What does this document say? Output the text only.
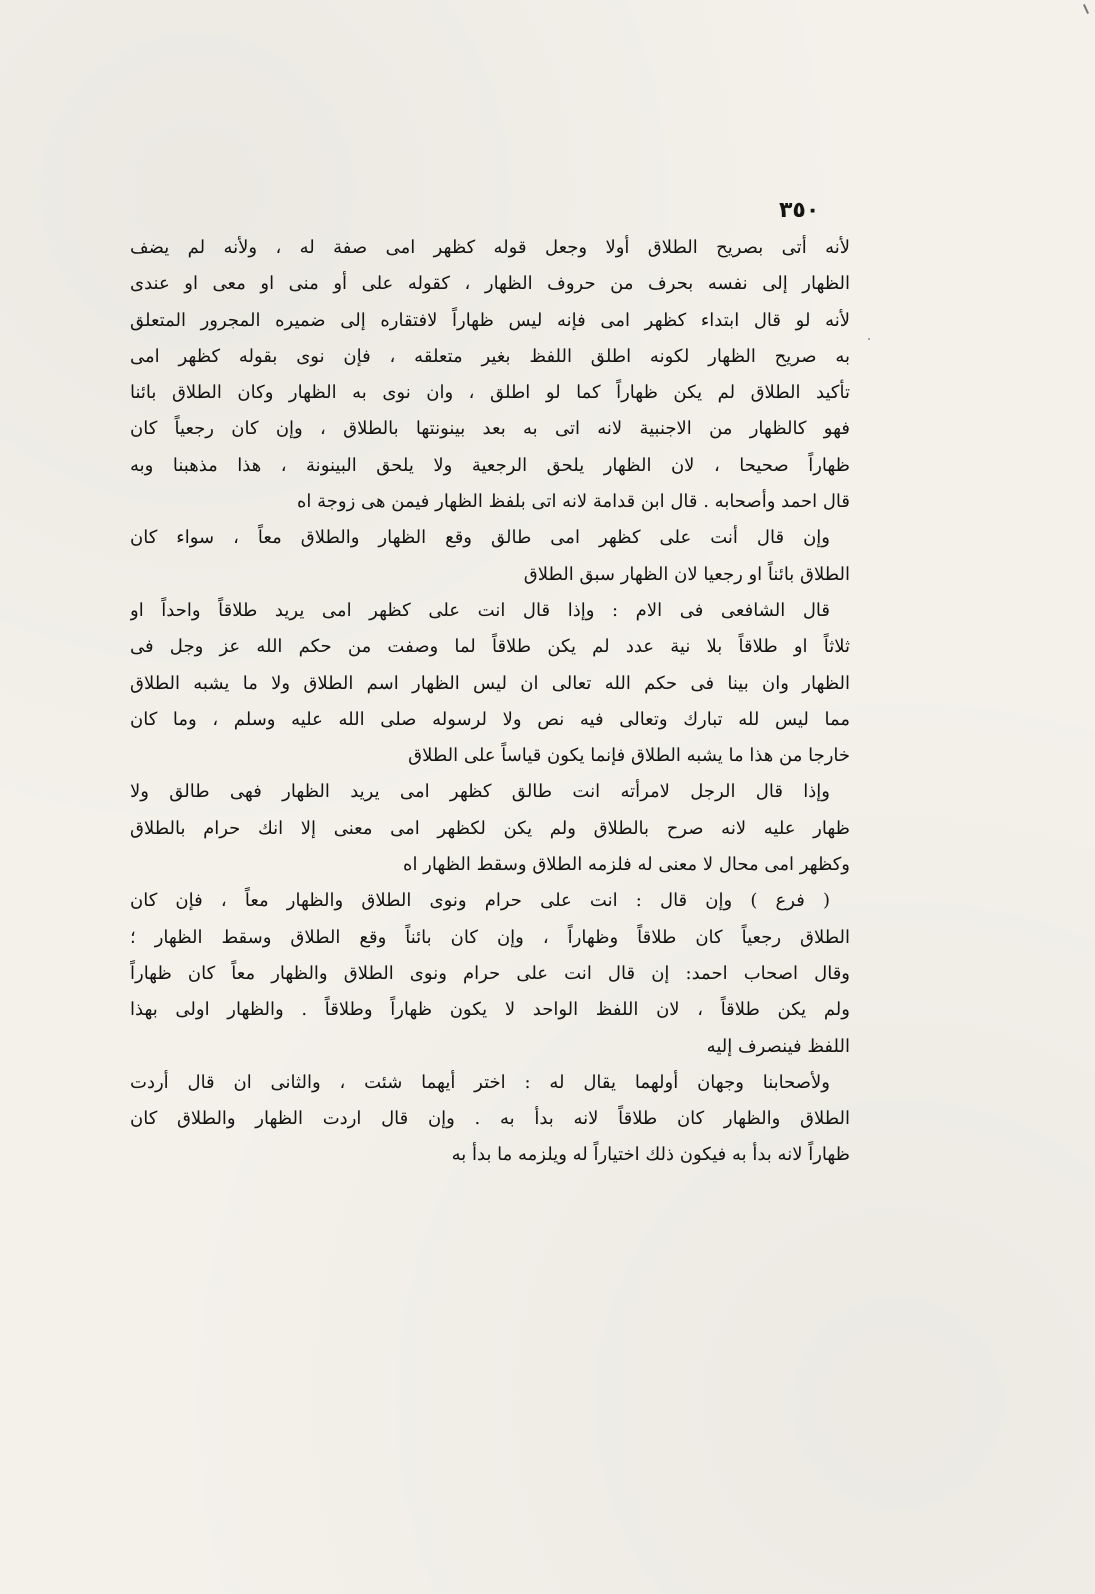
٣٥٠
لأنه أتى بصريح الطلاق أولا وجعل قوله كظهر امى صفة له ، ولأنه لم يضف
الظهار إلى نفسه بحرف من حروف الظهار ، كقوله على أو منى او معى او عندى
لأنه لو قال ابتداء كظهر امى فإنه ليس ظهاراً لافتقاره إلى ضميره المجرور المتعلق
به صريح الظهار لكونه اطلق اللفظ بغير متعلقه ، فإن نوى بقوله كظهر امى
تأكيد الطلاق لم يكن ظهاراً كما لو اطلق ، وان نوى به الظهار وكان الطلاق بائنا
فهو كالظهار من الاجنبية لانه اتى به بعد بينونتها بالطلاق ، وإن كان رجعياً كان
ظهاراً صحيحا ، لان الظهار يلحق الرجعية ولا يلحق البينونة ، هذا مذهبنا وبه
قال احمد وأصحابه . قال ابن قدامة لانه اتى بلفظ الظهار فيمن هى زوجة اه
وإن قال أنت على كظهر امى طالق وقع الظهار والطلاق معاً ، سواء كان
الطلاق بائناً او رجعيا لان الظهار سبق الطلاق
قال الشافعى فى الام : وإذا قال انت على كظهر امى يريد طلاقاً واحداً او
ثلاثاً او طلاقاً بلا نية عدد لم يكن طلاقاً لما وصفت من حكم الله عز وجل فى
الظهار وان بينا فى حكم الله تعالى ان ليس الظهار اسم الطلاق ولا ما يشبه الطلاق
مما ليس لله تبارك وتعالى فيه نص ولا لرسوله صلى الله عليه وسلم ، وما كان
خارجا من هذا ما يشبه الطلاق فإنما يكون قياساً على الطلاق
وإذا قال الرجل لامرأته انت طالق كظهر امى يريد الظهار فهى طالق ولا
ظهار عليه لانه صرح بالطلاق ولم يكن لكظهر امى معنى إلا انك حرام بالطلاق
وكظهر امى محال لا معنى له فلزمه الطلاق وسقط الظهار اه
( فرع ) وإن قال : انت على حرام ونوى الطلاق والظهار معاً ، فإن كان
الطلاق رجعياً كان طلاقاً وظهاراً ، وإن كان بائناً وقع الطلاق وسقط الظهار ؛
وقال اصحاب احمد: إن قال انت على حرام ونوى الطلاق والظهار معاً كان ظهاراً
ولم يكن طلاقاً ، لان اللفظ الواحد لا يكون ظهاراً وطلاقاً . والظهار اولى بهذا
اللفظ فينصرف إليه
ولأصحابنا وجهان أولهما يقال له : اختر أيهما شئت ، والثانى ان قال أردت
الطلاق والظهار كان طلاقاً لانه بدأ به . وإن قال اردت الظهار والطلاق كان
ظهاراً لانه بدأ به فيكون ذلك اختياراً له ويلزمه ما بدأ به
